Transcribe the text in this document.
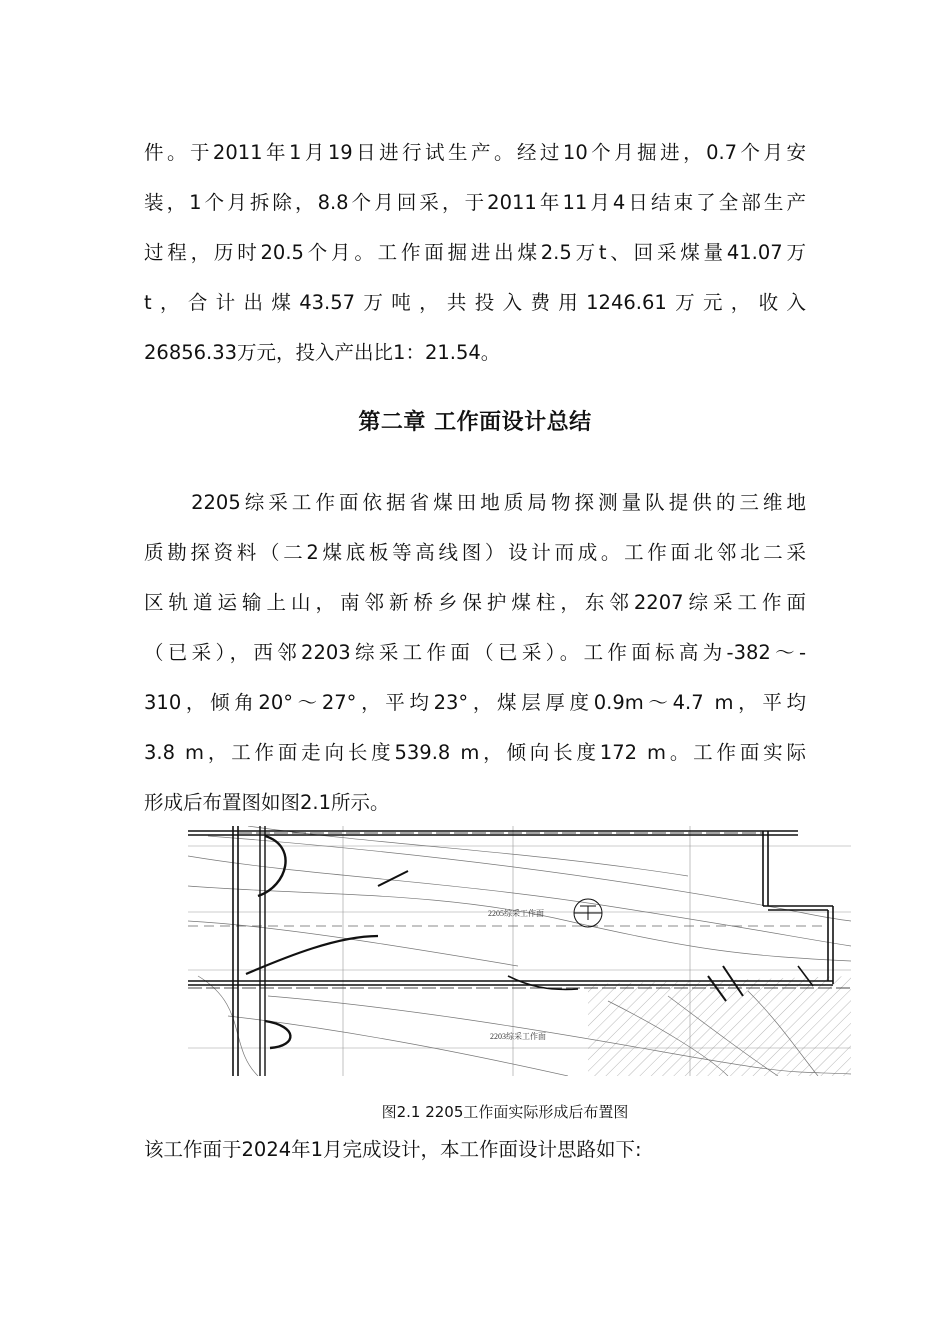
件。于2011年1月19日进行试生产。经过10个月掘进，0.7个月安
装，1个月拆除，8.8个月回采，于2011年11月4日结束了全部生产
过程，历时20.5个月。工作面掘进出煤2.5万t、回采煤量41.07万
t，合计出煤43.57万吨，共投入费用1246.61万元，收入
26856.33万元，投入产出比1：21.54。
第二章 工作面设计总结
　　2205综采工作面依据省煤田地质局物探测量队提供的三维地
质勘探资料（二2煤底板等高线图）设计而成。工作面北邻北二采
区轨道运输上山，南邻新桥乡保护煤柱，东邻2207综采工作面
（已采），西邻2203综采工作面（已采）。工作面标高为-382～-
310，倾角20°～27°，平均23°，煤层厚度0.9m～4.7 m，平均
3.8 m，工作面走向长度539.8 m，倾向长度172 m。工作面实际
形成后布置图如图2.1所示。
2205综采工作面
2203综采工作面
图2.1 2205工作面实际形成后布置图
该工作面于2024年1月完成设计，本工作面设计思路如下:
